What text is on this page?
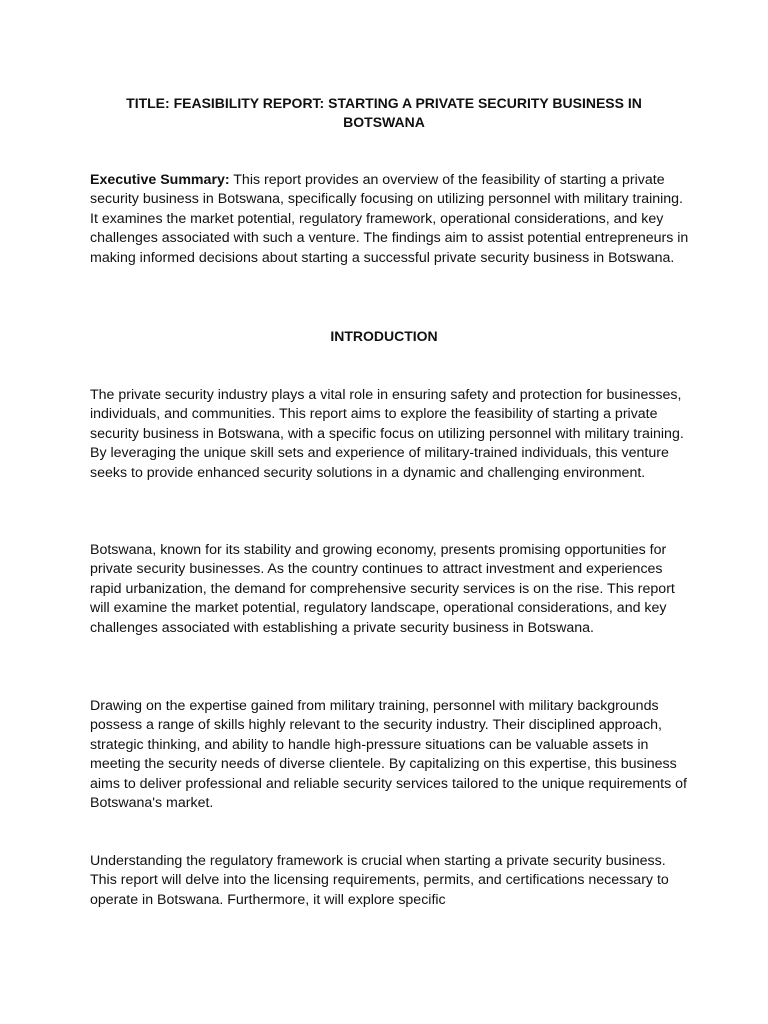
TITLE: FEASIBILITY REPORT: STARTING A PRIVATE SECURITY BUSINESS IN BOTSWANA

Executive Summary: This report provides an overview of the feasibility of starting a private security business in Botswana, specifically focusing on utilizing personnel with military training. It examines the market potential, regulatory framework, operational considerations, and key challenges associated with such a venture. The findings aim to assist potential entrepreneurs in making informed decisions about starting a successful private security business in Botswana.

INTRODUCTION

The private security industry plays a vital role in ensuring safety and protection for businesses, individuals, and communities. This report aims to explore the feasibility of starting a private security business in Botswana, with a specific focus on utilizing personnel with military training. By leveraging the unique skill sets and experience of military-trained individuals, this venture seeks to provide enhanced security solutions in a dynamic and challenging environment.

Botswana, known for its stability and growing economy, presents promising opportunities for private security businesses. As the country continues to attract investment and experiences rapid urbanization, the demand for comprehensive security services is on the rise. This report will examine the market potential, regulatory landscape, operational considerations, and key challenges associated with establishing a private security business in Botswana.

Drawing on the expertise gained from military training, personnel with military backgrounds possess a range of skills highly relevant to the security industry. Their disciplined approach, strategic thinking, and ability to handle high-pressure situations can be valuable assets in meeting the security needs of diverse clientele. By capitalizing on this expertise, this business aims to deliver professional and reliable security services tailored to the unique requirements of Botswana's market.

Understanding the regulatory framework is crucial when starting a private security business. This report will delve into the licensing requirements, permits, and certifications necessary to operate in Botswana. Furthermore, it will explore specific
